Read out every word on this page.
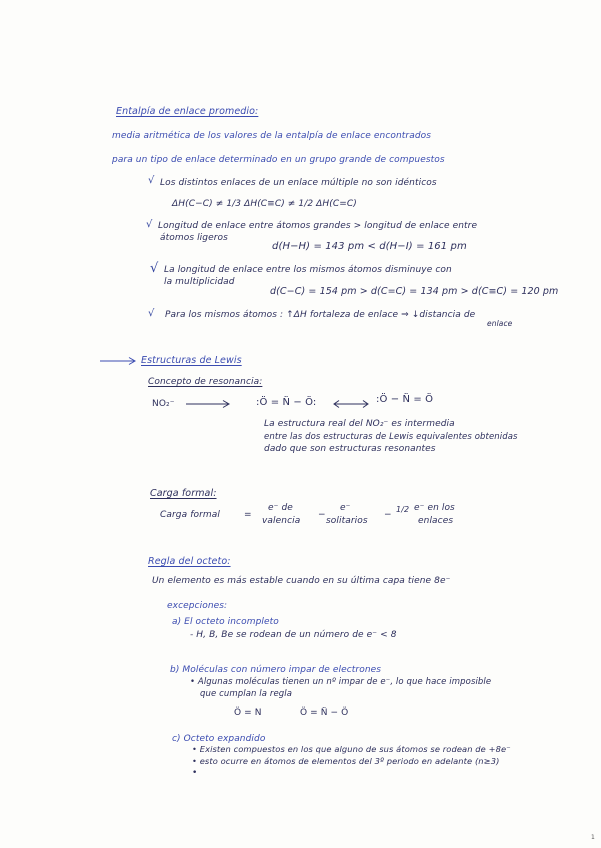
Entalpía de enlace promedio:
media aritmética de los valores de la entalpía de enlace encontrados
para un tipo de enlace determinado en un grupo grande de compuestos
√ Los distintos enlaces de un enlace múltiple no son idénticos
ΔH(C−C) ≠ 1/3 ΔH(C≡C) ≠ 1/2 ΔH(C=C)
√ Longitud de enlace entre átomos grandes > longitud de enlace entre
átomos ligeros
d(H−H) = 143 pm < d(H−I) = 161 pm
√ La longitud de enlace entre los mismos átomos disminuye con
la multiplicidad
d(C−C) = 154 pm > d(C=C) = 134 pm > d(C≡C) = 120 pm
√ Para los mismos átomos : ↑ΔH fortaleza de enlace ⇒ ↓distancia de
enlace
Estructuras de Lewis
Concepto de resonancia:
NO₂⁻	:Ö = N̈ − Ö:	:Ö − N̈ = Ö
La estructura real del NO₂⁻ es intermedia
entre las dos estructuras de Lewis equivalentes obtenidas
dado que son estructuras resonantes
Carga formal:
Carga formal	=
e⁻ de
valencia
−
e⁻
solitarios
−
1/2 e⁻ en los
enlaces
Regla del octeto:
Un elemento es más estable cuando en su última capa tiene 8e⁻
excepciones:
a) El octeto incompleto
- H, B, Be se rodean de un número de e⁻ < 8
b) Moléculas con número impar de electrones
• Algunas moléculas tienen un nº impar de e⁻, lo que hace imposible
que cumplan la regla
Ö = N	Ö = N̈ − Ö
c) Octeto expandido
• Existen compuestos en los que alguno de sus átomos se rodean de +8e⁻
• esto ocurre en átomos de elementos del 3º periodo en adelante (n≥3)
•
1
